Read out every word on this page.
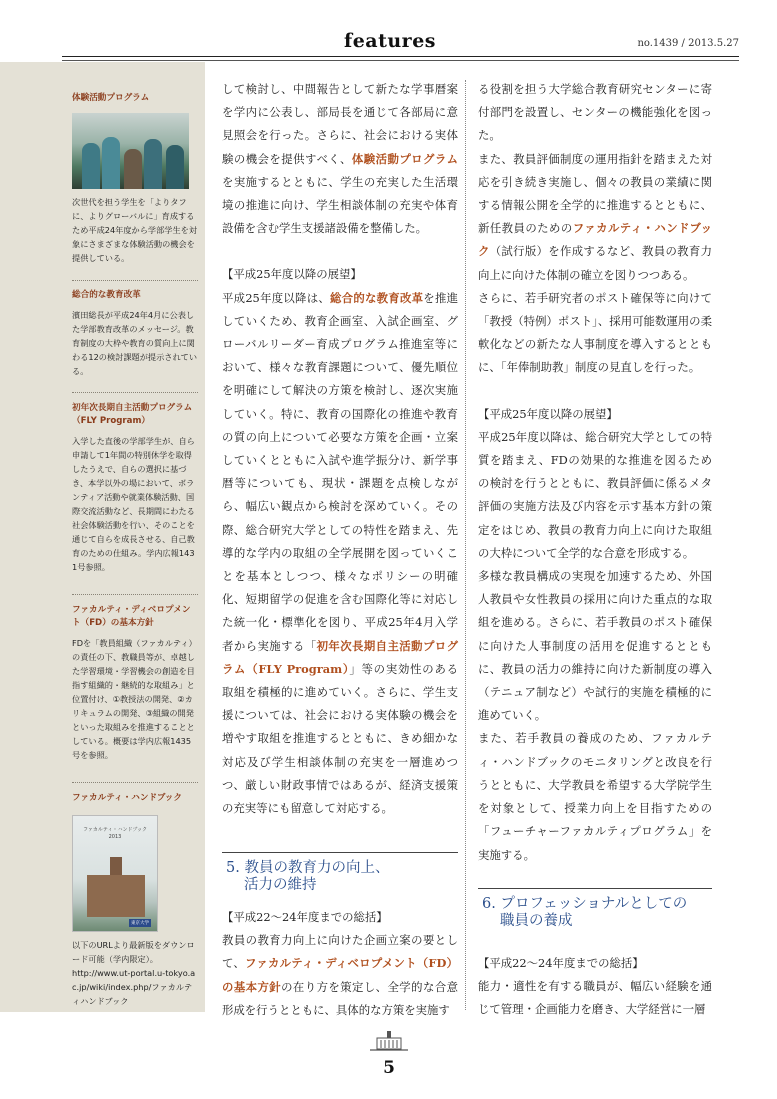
features	no.1439 / 2013.5.27
体験活動プログラム
次世代を担う学生を「よりタフに、よりグローバルに」育成するため平成24年度から学部学生を対象にさまざまな体験活動の機会を提供している。
総合的な教育改革
濱田総長が平成24年4月に公表した学部教育改革のメッセージ。教育制度の大枠や教育の質向上に関わる12の検討課題が提示されている。
初年次長期自主活動プログラム（FLY Program）
入学した直後の学部学生が、自ら申請して1年間の特別休学を取得したうえで、自らの選択に基づき、本学以外の場において、ボランティア活動や就業体験活動、国際交流活動など、長期間にわたる社会体験活動を行い、そのことを通じて自らを成長させる、自己教育のための仕組み。学内広報1431号参照。
ファカルティ・ディベロプメント（FD）の基本方針
FDを「教員組織（ファカルティ）の責任の下、教職員等が、卓越した学習環境・学習機会の創造を目指す組織的・継続的な取組み」と位置付け、①教授法の開発、②カリキュラムの開発、③組織の開発といった取組みを推進することとしている。概要は学内広報1435号を参照。
ファカルティ・ハンドブック
ファカルティ・ハンドブック
2013
東京大学
以下のURLより最新版をダウンロード可能（学内限定）。
http://www.ut-portal.u-tokyo.ac.jp/wiki/index.php/ファカルティハンドブック

して検討し、中間報告として新たな学事暦案を学内に公表し、部局長を通じて各部局に意見照会を行った。さらに、社会における実体験の機会を提供すべく、体験活動プログラムを実施するとともに、学生の充実した生活環境の推進に向け、学生相談体制の充実や体育設備を含む学生支援諸設備を整備した。

【平成25年度以降の展望】

平成25年度以降は、総合的な教育改革を推進していくため、教育企画室、入試企画室、グローバルリーダー育成プログラム推進室等において、様々な教育課題について、優先順位を明確にして解決の方策を検討し、逐次実施していく。特に、教育の国際化の推進や教育の質の向上について必要な方策を企画・立案していくとともに入試や進学振分け、新学事暦等についても、現状・課題を点検しながら、幅広い観点から検討を深めていく。その際、総合研究大学としての特性を踏まえ、先導的な学内の取組の全学展開を図っていくことを基本としつつ、様々なポリシーの明確化、短期留学の促進を含む国際化等に対応した統一化・標準化を図り、平成25年4月入学者から実施する「初年次長期自主活動プログラム（FLY Program）」等の実効性のある取組を積極的に進めていく。さらに、学生支援については、社会における実体験の機会を増やす取組を推進するとともに、きめ細かな対応及び学生相談体制の充実を一層進めつつ、厳しい財政事情ではあるが、経済支援策の充実等にも留意して対応する。

5. 教員の教育力の向上、
活力の維持

【平成22〜24年度までの総括】

教員の教育力向上に向けた企画立案の要として、ファカルティ・ディベロプメント（FD）の基本方針の在り方を策定し、全学的な合意形成を行うとともに、具体的な方策を実施す

る役割を担う大学総合教育研究センターに寄付部門を設置し、センターの機能強化を図った。

また、教員評価制度の運用指針を踏まえた対応を引き続き実施し、個々の教員の業績に関する情報公開を全学的に推進するとともに、新任教員のためのファカルティ・ハンドブック（試行版）を作成するなど、教員の教育力向上に向けた体制の確立を図りつつある。

さらに、若手研究者のポスト確保等に向けて「教授（特例）ポスト」、採用可能数運用の柔軟化などの新たな人事制度を導入するとともに、「年俸制助教」制度の見直しを行った。

【平成25年度以降の展望】

平成25年度以降は、総合研究大学としての特質を踏まえ、FDの効果的な推進を図るための検討を行うとともに、教員評価に係るメタ評価の実施方法及び内容を示す基本方針の策定をはじめ、教員の教育力向上に向けた取組の大枠について全学的な合意を形成する。

多様な教員構成の実現を加速するため、外国人教員や女性教員の採用に向けた重点的な取組を進める。さらに、若手教員のポスト確保に向けた人事制度の活用を促進するとともに、教員の活力の維持に向けた新制度の導入（テニュア制など）や試行的実施を積極的に進めていく。

また、若手教員の養成のため、ファカルティ・ハンドブックのモニタリングと改良を行うとともに、大学教員を希望する大学院学生を対象として、授業力向上を目指すための「フューチャーファカルティプログラム」を実施する。

6. プロフェッショナルとしての
職員の養成

【平成22〜24年度までの総括】

能力・適性を有する職員が、幅広い経験を通じて管理・企画能力を磨き、大学経営に一層

5
